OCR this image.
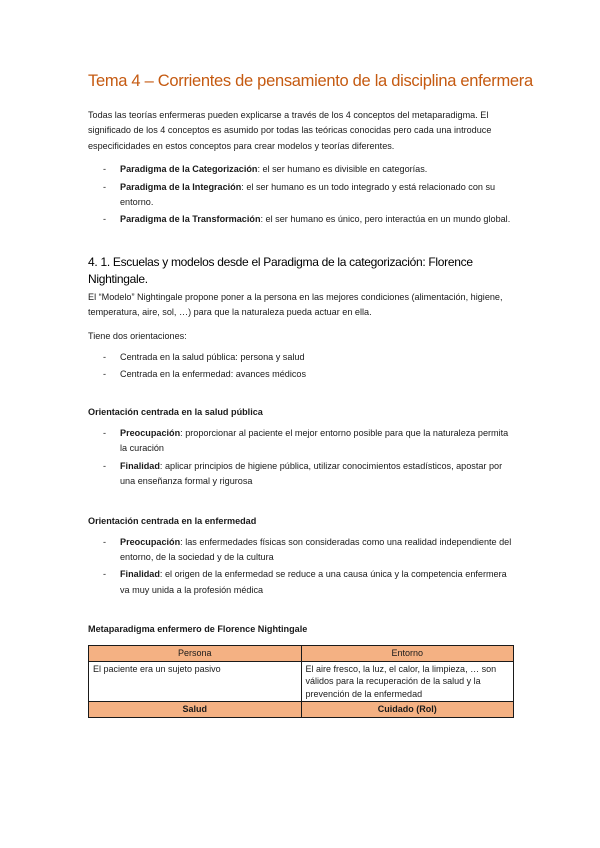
Tema 4 – Corrientes de pensamiento de la disciplina enfermera

Todas las teorías enfermeras pueden explicarse a través de los 4 conceptos del metaparadigma. El significado de los 4 conceptos es asumido por todas las teóricas conocidas pero cada una introduce especificidades en estos conceptos para crear modelos y teorías diferentes.

- Paradigma de la Categorización: el ser humano es divisible en categorías.
- Paradigma de la Integración: el ser humano es un todo integrado y está relacionado con su entorno.
- Paradigma de la Transformación: el ser humano es único, pero interactúa en un mundo global.
4. 1. Escuelas y modelos desde el Paradigma de la categorización: Florence Nightingale.

El “Modelo” Nightingale propone poner a la persona en las mejores condiciones (alimentación, higiene, temperatura, aire, sol, …) para que la naturaleza pueda actuar en ella.

Tiene dos orientaciones:

- Centrada en la salud pública: persona y salud
- Centrada en la enfermedad: avances médicos
Orientación centrada en la salud pública
- Preocupación: proporcionar al paciente el mejor entorno posible para que la naturaleza permita la curación
- Finalidad: aplicar principios de higiene pública, utilizar conocimientos estadísticos, apostar por una enseñanza formal y rigurosa
Orientación centrada en la enfermedad
- Preocupación: las enfermedades físicas son consideradas como una realidad independiente del entorno, de la sociedad y de la cultura
- Finalidad: el origen de la enfermedad se reduce a una causa única y la competencia enfermera va muy unida a la profesión médica
Metaparadigma enfermero de Florence Nightingale
Persona	Entorno
El paciente era un sujeto pasivo	El aire fresco, la luz, el calor, la limpieza, … son válidos para la recuperación de la salud y la prevención de la enfermedad
Salud	Cuidado (Rol)
